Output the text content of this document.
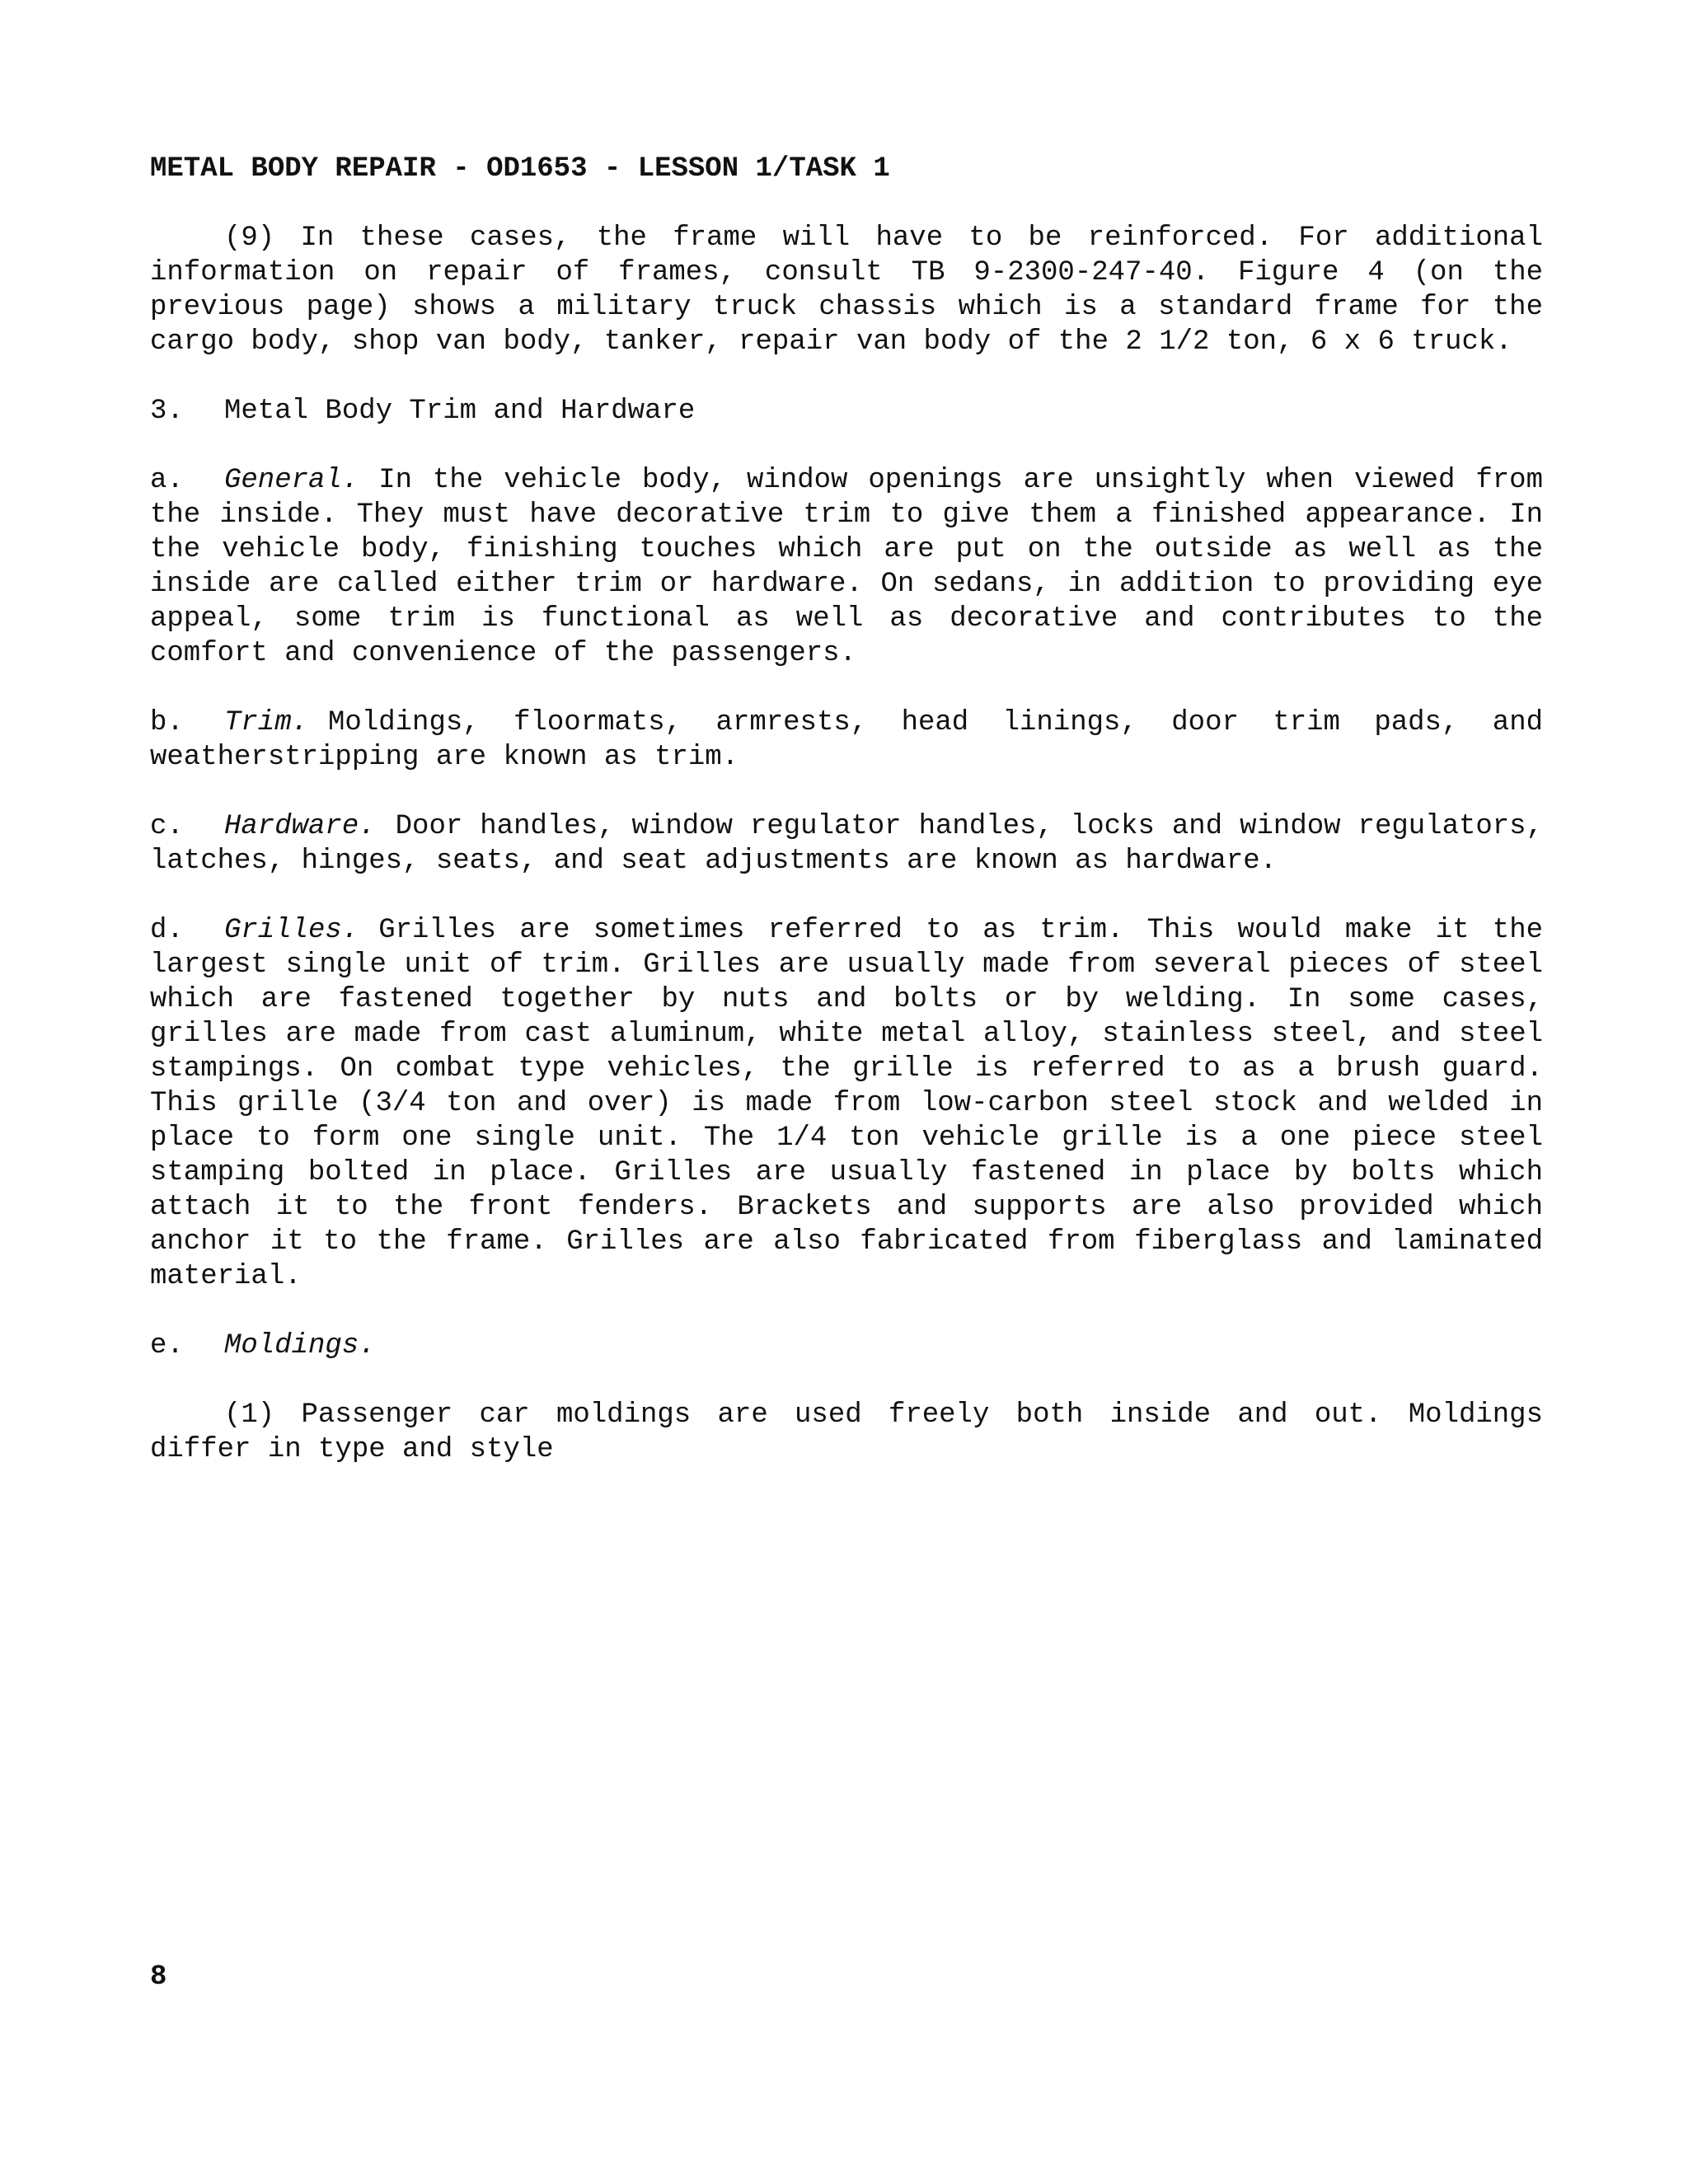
METAL BODY REPAIR - OD1653 - LESSON 1/TASK 1

(9) In these cases, the frame will have to be reinforced. For additional information on repair of frames, consult TB 9-2300-247-40. Figure 4 (on the previous page) shows a military truck chassis which is a standard frame for the cargo body, shop van body, tanker, repair van body of the 2 1/2 ton, 6 x 6 truck.

3. Metal Body Trim and Hardware

a. General. In the vehicle body, window openings are unsightly when viewed from the inside. They must have decorative trim to give them a finished appearance. In the vehicle body, finishing touches which are put on the outside as well as the inside are called either trim or hardware. On sedans, in addition to providing eye appeal, some trim is functional as well as decorative and contributes to the comfort and convenience of the passengers.

b. Trim. Moldings, floormats, armrests, head linings, door trim pads, and weatherstripping are known as trim.

c. Hardware. Door handles, window regulator handles, locks and window regulators, latches, hinges, seats, and seat adjustments are known as hardware.

d. Grilles. Grilles are sometimes referred to as trim. This would make it the largest single unit of trim. Grilles are usually made from several pieces of steel which are fastened together by nuts and bolts or by welding. In some cases, grilles are made from cast aluminum, white metal alloy, stainless steel, and steel stampings. On combat type vehicles, the grille is referred to as a brush guard. This grille (3/4 ton and over) is made from low-carbon steel stock and welded in place to form one single unit. The 1/4 ton vehicle grille is a one piece steel stamping bolted in place. Grilles are usually fastened in place by bolts which attach it to the front fenders. Brackets and supports are also provided which anchor it to the frame. Grilles are also fabricated from fiberglass and laminated material.

e. Moldings.

(1) Passenger car moldings are used freely both inside and out. Moldings differ in type and style

8
